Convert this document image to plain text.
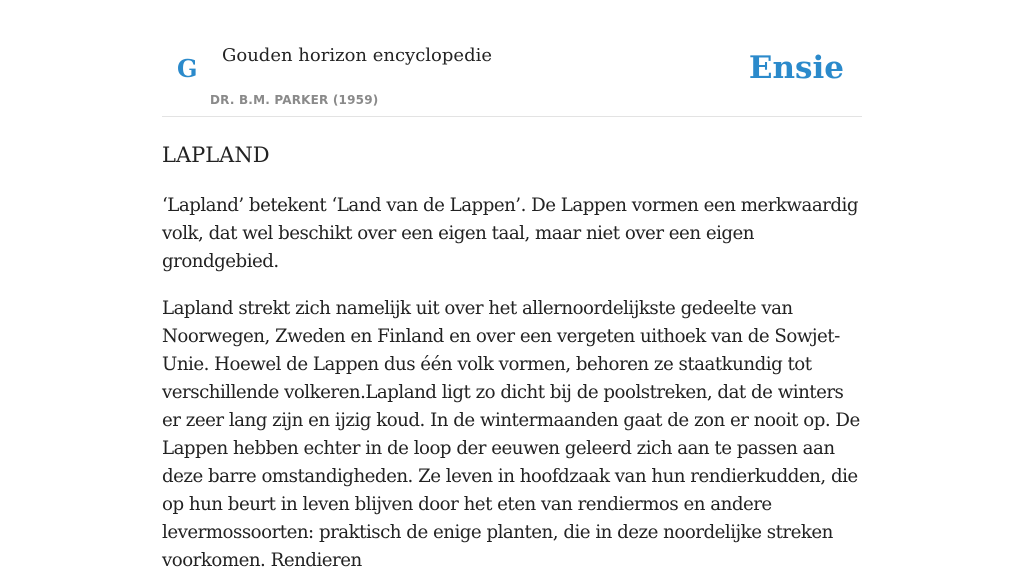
G Gouden horizon encyclopedie
DR. B.M. PARKER (1959)
Ensie
LAPLAND

‘Lapland’ betekent ‘Land van de Lappen’. De Lappen vormen een merkwaardig volk, dat wel beschikt over een eigen taal, maar niet over een eigen grondgebied.

Lapland strekt zich namelijk uit over het allernoordelijkste gedeelte van Noorwegen, Zweden en Finland en over een vergeten uithoek van de Sowjet-Unie. Hoewel de Lappen dus één volk vormen, behoren ze staatkundig tot verschillende volkeren.Lapland ligt zo dicht bij de poolstreken, dat de winters er zeer lang zijn en ijzig koud. In de wintermaanden gaat de zon er nooit op. De Lappen hebben echter in de loop der eeuwen geleerd zich aan te passen aan deze barre omstandigheden. Ze leven in hoofdzaak van hun rendierkudden, die op hun beurt in leven blijven door het eten van rendiermos en andere levermossoorten: praktisch de enige planten, die in deze noordelijke streken voorkomen. Rendieren
